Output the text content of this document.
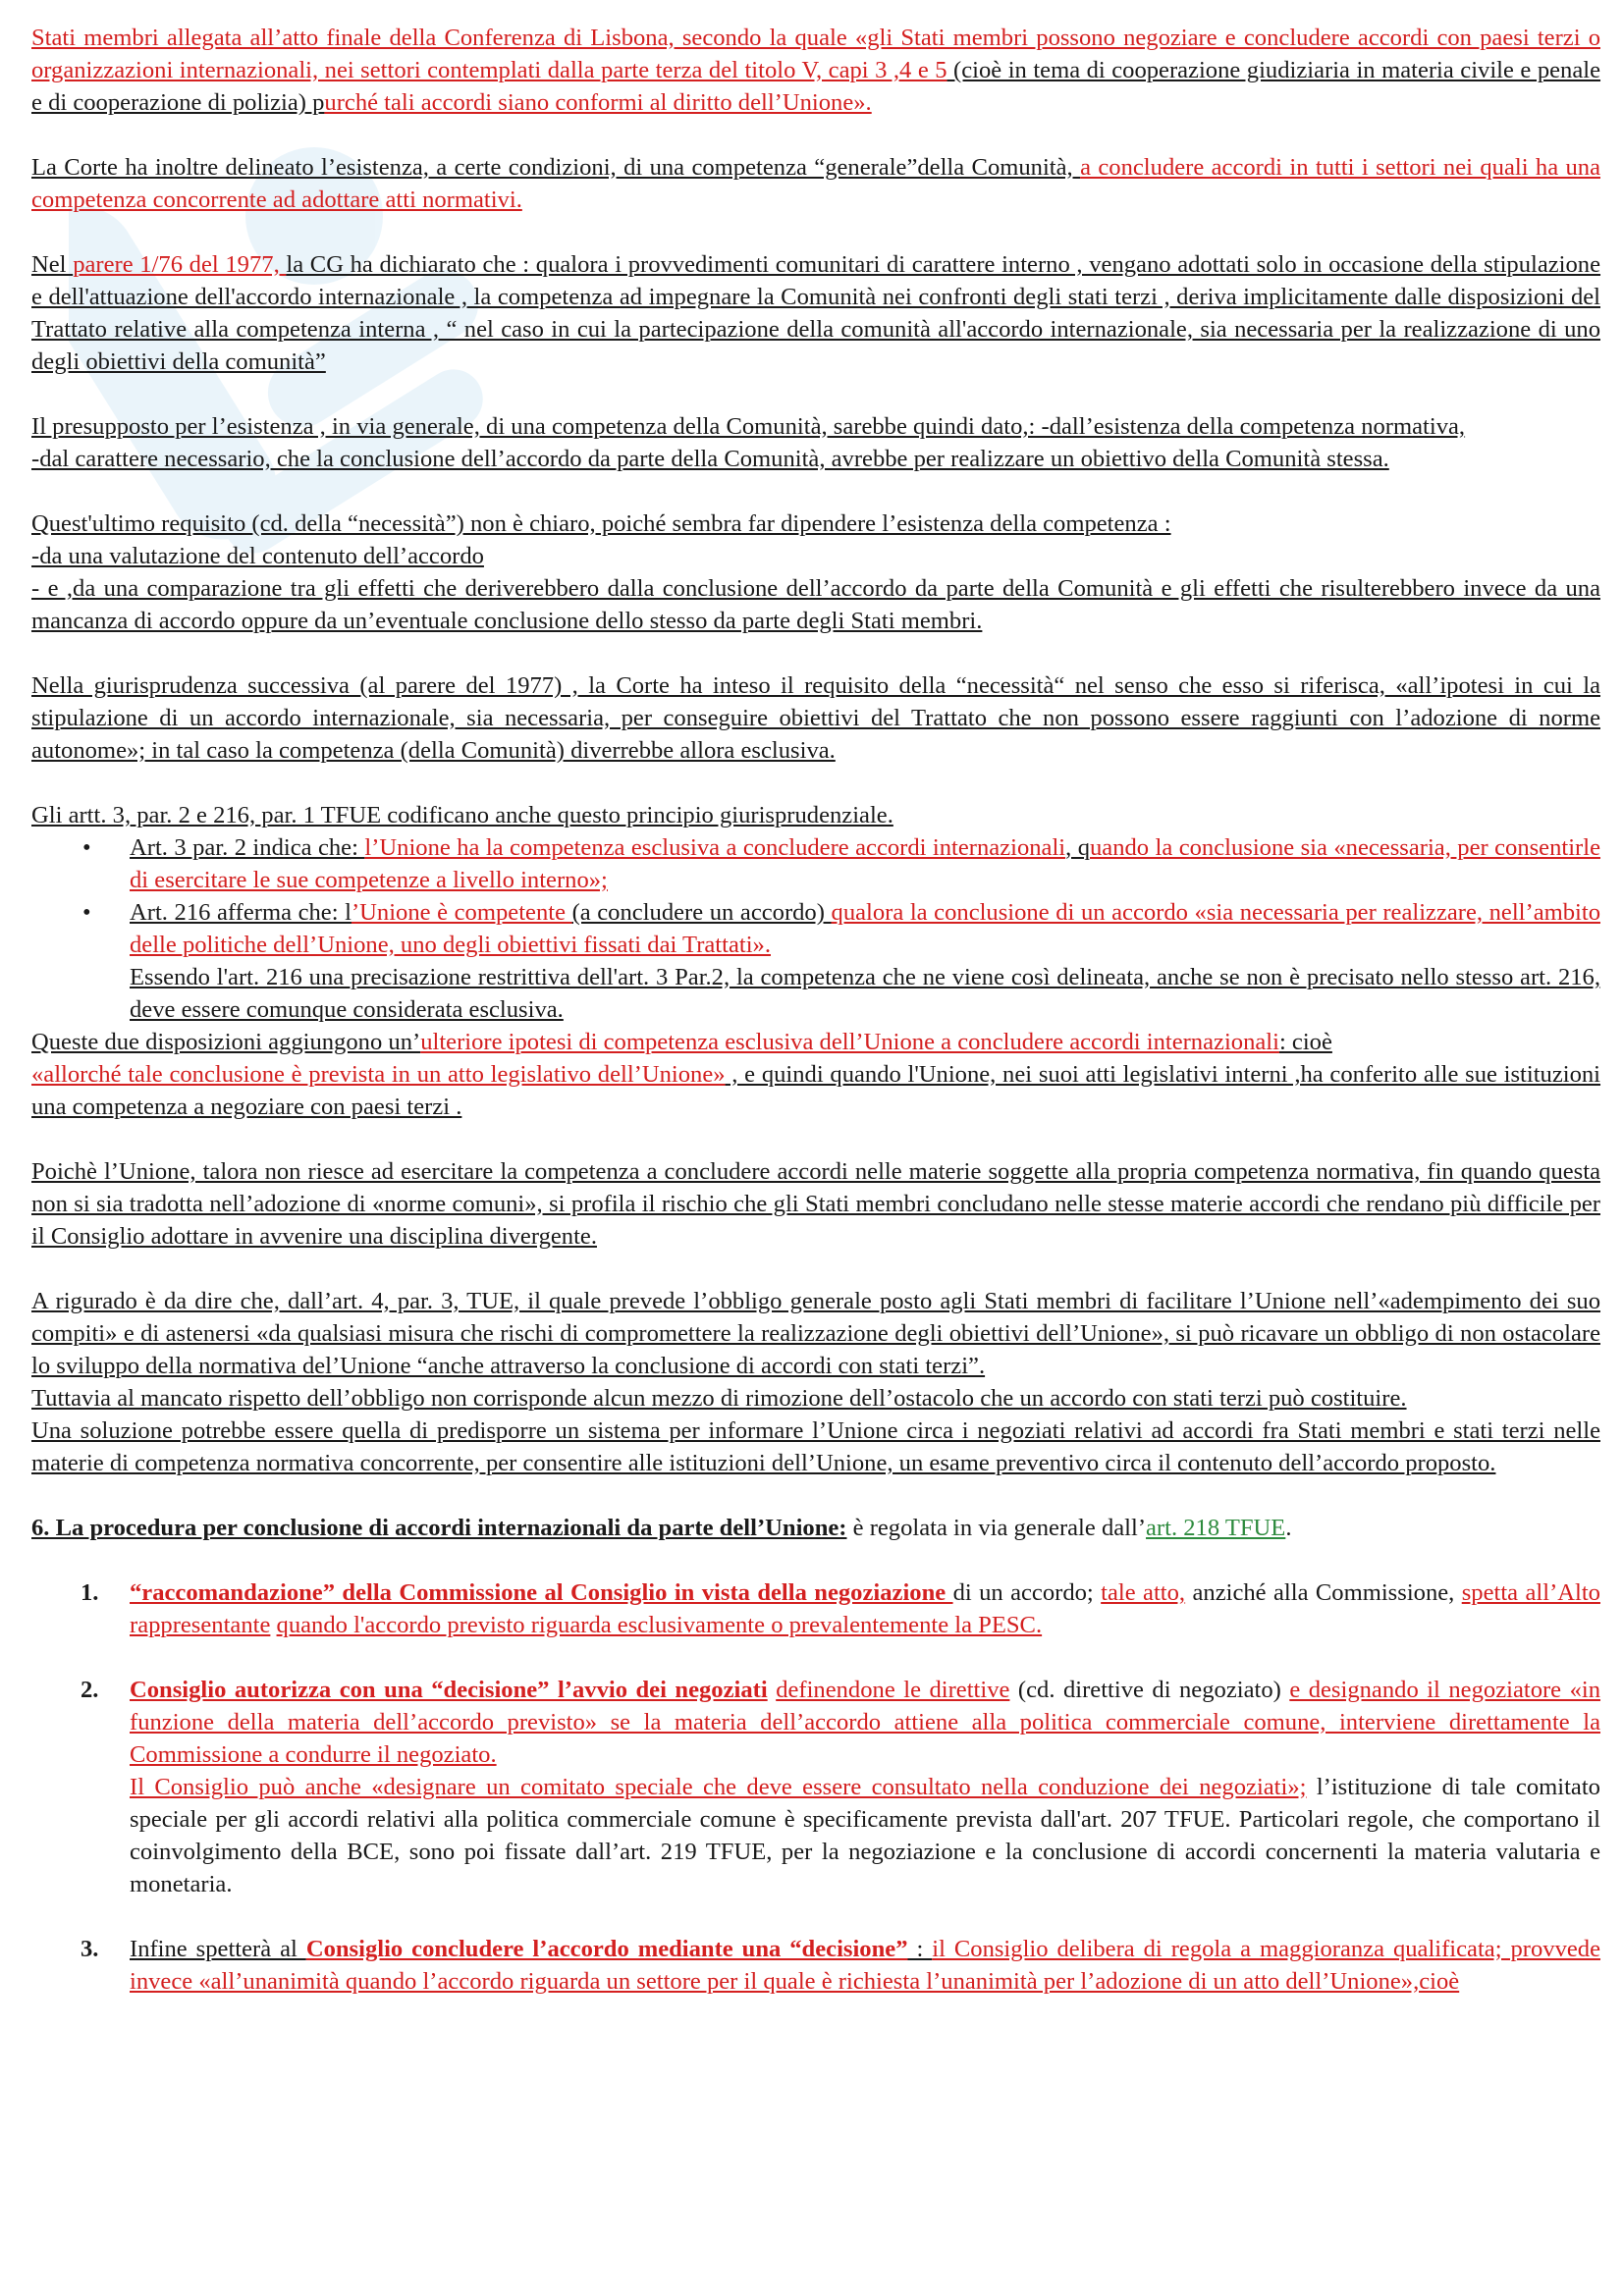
Stati membri allegata all’atto finale della Conferenza di Lisbona, secondo la quale «gli Stati membri possono negoziare e concludere accordi con paesi terzi o organizzazioni internazionali, nei settori contemplati dalla parte terza del titolo V, capi 3 ,4 e 5 (cioè in tema di cooperazione giudiziaria in materia civile e penale e di cooperazione di polizia) purché tali accordi siano conformi al diritto dell’Unione».

La Corte ha inoltre delineato l’esistenza, a certe condizioni, di una competenza “generale”della Comunità, a concludere accordi in tutti i settori nei quali ha una competenza concorrente ad adottare atti normativi.

Nel parere 1/76 del 1977, la CG ha dichiarato che : qualora i provvedimenti comunitari di carattere interno , vengano adottati solo in occasione della stipulazione e dell'attuazione dell'accordo internazionale , la competenza ad impegnare la Comunità nei confronti degli stati terzi , deriva implicitamente dalle disposizioni del Trattato relative alla competenza interna , “ nel caso in cui la partecipazione della comunità all'accordo internazionale, sia necessaria per la realizzazione di uno degli obiettivi della comunità”

Il presupposto per l’esistenza , in via generale, di una competenza della Comunità, sarebbe quindi dato,: -dall’esistenza della competenza normativa,
-dal carattere necessario, che la conclusione dell’accordo da parte della Comunità, avrebbe per realizzare un obiettivo della Comunità stessa.

Quest'ultimo requisito (cd. della “necessità”) non è chiaro, poiché sembra far dipendere l’esistenza della competenza :
-da una valutazione del contenuto dell’accordo
- e ,da una comparazione tra gli effetti che deriverebbero dalla conclusione dell’accordo da parte della Comunità e gli effetti che risulterebbero invece da una mancanza di accordo oppure da un’eventuale conclusione dello stesso da parte degli Stati membri.

Nella giurisprudenza successiva (al parere del 1977) , la Corte ha inteso il requisito della “necessità“ nel senso che esso si riferisca, «all’ipotesi in cui la stipulazione di un accordo internazionale, sia necessaria, per conseguire obiettivi del Trattato che non possono essere raggiunti con l’adozione di norme autonome»; in tal caso la competenza (della Comunità) diverrebbe allora esclusiva.

Gli artt. 3, par. 2 e 216, par. 1 TFUE codificano anche questo principio giurisprudenziale.

• Art. 3 par. 2 indica che: l’Unione ha la competenza esclusiva a concludere accordi internazionali, quando la conclusione sia «necessaria, per consentirle di esercitare le sue competenze a livello interno»;
• Art. 216 afferma che: l’Unione è competente (a concludere un accordo) qualora la conclusione di un accordo «sia necessaria per realizzare, nell’ambito delle politiche dell’Unione, uno degli obiettivi fissati dai Trattati».
Essendo l'art. 216 una precisazione restrittiva dell'art. 3 Par.2, la competenza che ne viene così delineata, anche se non è precisato nello stesso art. 216, deve essere comunque considerata esclusiva.

Queste due disposizioni aggiungono un’ulteriore ipotesi di competenza esclusiva dell’Unione a concludere accordi internazionali: cioè
«allorché tale conclusione è prevista in un atto legislativo dell’Unione» , e quindi quando l'Unione, nei suoi atti legislativi interni ,ha conferito alle sue istituzioni una competenza a negoziare con paesi terzi .

Poichè l’Unione, talora non riesce ad esercitare la competenza a concludere accordi nelle materie soggette alla propria competenza normativa, fin quando questa non si sia tradotta nell’adozione di «norme comuni», si profila il rischio che gli Stati membri concludano nelle stesse materie accordi che rendano più difficile per il Consiglio adottare in avvenire una disciplina divergente.

A rigurado è da dire che, dall’art. 4, par. 3, TUE, il quale prevede l’obbligo generale posto agli Stati membri di facilitare l’Unione nell’«adempimento dei suo compiti» e di astenersi «da qualsiasi misura che rischi di compromettere la realizzazione degli obiettivi dell’Unione», si può ricavare un obbligo di non ostacolare lo sviluppo della normativa del’Unione “anche attraverso la conclusione di accordi con stati terzi”.
Tuttavia al mancato rispetto dell’obbligo non corrisponde alcun mezzo di rimozione dell’ostacolo che un accordo con stati terzi può costituire.
Una soluzione potrebbe essere quella di predisporre un sistema per informare l’Unione circa i negoziati relativi ad accordi fra Stati membri e stati terzi nelle materie di competenza normativa concorrente, per consentire alle istituzioni dell’Unione, un esame preventivo circa il contenuto dell’accordo proposto.

6. La procedura per conclusione di accordi internazionali da parte dell’Unione: è regolata in via generale dall’art. 218 TFUE.

1. “raccomandazione” della Commissione al Consiglio in vista della negoziazione di un accordo; tale atto, anziché alla Commissione, spetta all’Alto rappresentante quando l'accordo previsto riguarda esclusivamente o prevalentemente la PESC.
2. Consiglio autorizza con una “decisione” l’avvio dei negoziati definendone le direttive (cd. direttive di negoziato) e designando il negoziatore «in funzione della materia dell’accordo previsto» se la materia dell’accordo attiene alla politica commerciale comune, interviene direttamente la Commissione a condurre il negoziato.
Il Consiglio può anche «designare un comitato speciale che deve essere consultato nella conduzione dei negoziati»; l’istituzione di tale comitato speciale per gli accordi relativi alla politica commerciale comune è specificamente prevista dall'art. 207 TFUE. Particolari regole, che comportano il coinvolgimento della BCE, sono poi fissate dall’art. 219 TFUE, per la negoziazione e la conclusione di accordi concernenti la materia valutaria e monetaria.
3. Infine spetterà al Consiglio concludere l’accordo mediante una “decisione” : il Consiglio delibera di regola a maggioranza qualificata; provvede invece «all’unanimità quando l’accordo riguarda un settore per il quale è richiesta l’unanimità per l’adozione di un atto dell’Unione»,cioè
